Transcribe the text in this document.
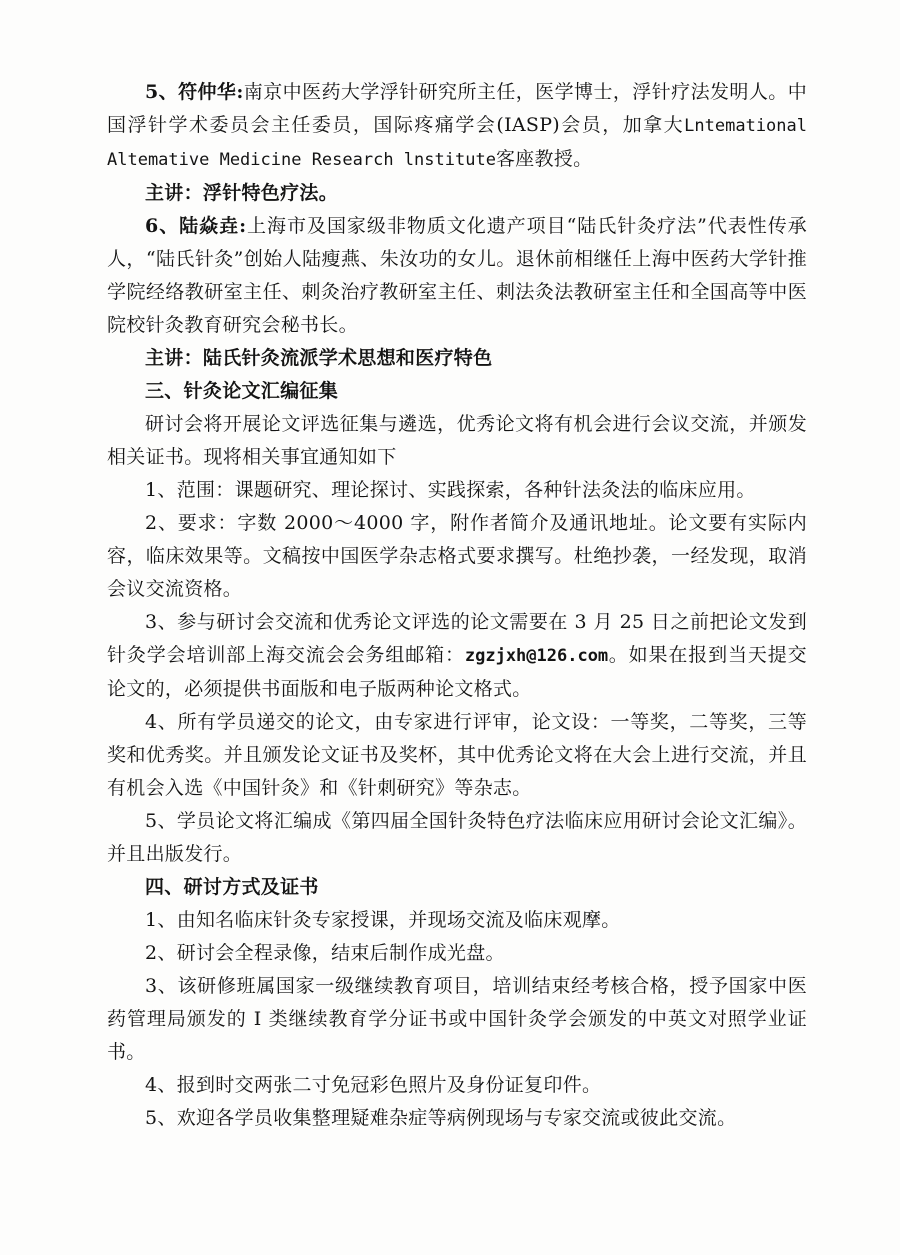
5、符仲华:南京中医药大学浮针研究所主任，医学博士，浮针疗法发明人。中国浮针学术委员会主任委员，国际疼痛学会(IASP)会员，加拿大Lntemational Altemative Medicine Research lnstitute客座教授。

主讲：浮针特色疗法。

6、陆焱垚:上海市及国家级非物质文化遗产项目“陆氏针灸疗法”代表性传承人，“陆氏针灸”创始人陆瘦燕、朱汝功的女儿。退休前相继任上海中医药大学针推学院经络教研室主任、刺灸治疗教研室主任、刺法灸法教研室主任和全国高等中医院校针灸教育研究会秘书长。

主讲：陆氏针灸流派学术思想和医疗特色

三、针灸论文汇编征集

研讨会将开展论文评选征集与遴选，优秀论文将有机会进行会议交流，并颁发相关证书。现将相关事宜通知如下

1、范围：课题研究、理论探讨、实践探索，各种针法灸法的临床应用。

2、要求：字数 2000～4000 字，附作者简介及通讯地址。论文要有实际内容，临床效果等。文稿按中国医学杂志格式要求撰写。杜绝抄袭，一经发现，取消会议交流资格。

3、参与研讨会交流和优秀论文评选的论文需要在 3 月 25 日之前把论文发到针灸学会培训部上海交流会会务组邮箱：zgzjxh@126.com。如果在报到当天提交论文的，必须提供书面版和电子版两种论文格式。

4、所有学员递交的论文，由专家进行评审，论文设：一等奖，二等奖，三等奖和优秀奖。并且颁发论文证书及奖杯，其中优秀论文将在大会上进行交流，并且有机会入选《中国针灸》和《针刺研究》等杂志。

5、学员论文将汇编成《第四届全国针灸特色疗法临床应用研讨会论文汇编》。并且出版发行。

四、研讨方式及证书

1、由知名临床针灸专家授课，并现场交流及临床观摩。

2、研讨会全程录像，结束后制作成光盘。

3、该研修班属国家一级继续教育项目，培训结束经考核合格，授予国家中医药管理局颁发的 I 类继续教育学分证书或中国针灸学会颁发的中英文对照学业证书。

4、报到时交两张二寸免冠彩色照片及身份证复印件。

5、欢迎各学员收集整理疑难杂症等病例现场与专家交流或彼此交流。
